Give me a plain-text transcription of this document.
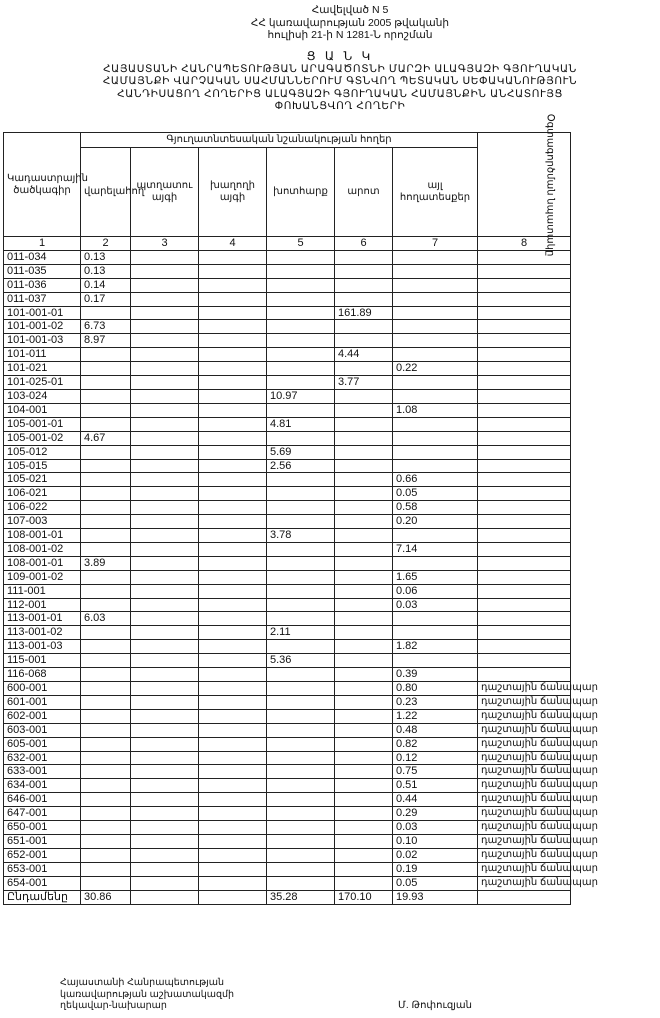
Հավելված N 5
ՀՀ կառավարության 2005 թվականի
հուլիսի 21-ի N 1281-Ն որոշման
Ց Ա Ն Կ
ՀԱՅԱՍՏԱՆԻ ՀԱՆՐԱՊԵՏՈՒԹՅԱՆ ԱՐԱԳԱԾՈՏՆԻ ՄԱՐԶԻ ԱԼԱԳՅԱԶԻ ԳՅՈՒՂԱԿԱՆ
ՀԱՄԱՅՆՔԻ ՎԱՐՉԱԿԱՆ ՍԱՀՄԱՆՆԵՐՈՒՄ ԳՏՆՎՈՂ ՊԵՏԱԿԱՆ ՍԵՓԱԿԱՆՈՒԹՅՈՒՆ
ՀԱՆԴԻՍԱՑՈՂ ՀՈՂԵՐԻՑ ԱԼԱԳՅԱԶԻ ԳՅՈՒՂԱԿԱՆ ՀԱՄԱՅՆՔԻՆ ԱՆՀԱՏՈՒՅՑ
ՓՈԽԱՆՑՎՈՂ ՀՈՂԵՐԻ
Կադաստրային ծածկագիր	Գյուղատնտեսական նշանակության հողեր						Օգտագործման նպատակը
	վարելահող	պտղատու այգի	խաղողի այգի	խոտհարք	արոտ	այլ հողատեսքեր	
1	2	3	4	5	6	7	8
011-034	0.13						
011-035	0.13						
011-036	0.14						
011-037	0.17						
101-001-01					161.89		
101-001-02	6.73						
101-001-03	8.97						
101-011					4.44		
101-021						0.22	
101-025-01					3.77		
103-024				10.97			
104-001						1.08	
105-001-01				4.81			
105-001-02	4.67						
105-012				5.69			
105-015				2.56			
105-021						0.66	
106-021						0.05	
106-022						0.58	
107-003						0.20	
108-001-01				3.78			
108-001-02						7.14	
108-001-01	3.89						
109-001-02						1.65	
111-001						0.06	
112-001						0.03	
113-001-01	6.03						
113-001-02				2.11			
113-001-03						1.82	
115-001				5.36			
116-068						0.39	
600-001						0.80	դաշտային ճանապար
601-001						0.23	դաշտային ճանապար
602-001						1.22	դաշտային ճանապար
603-001						0.48	դաշտային ճանապար
605-001						0.82	դաշտային ճանապար
632-001						0.12	դաշտային ճանապար
633-001						0.75	դաշտային ճանապար
634-001						0.51	դաշտային ճանապար
646-001						0.44	դաշտային ճանապար
647-001						0.29	դաշտային ճանապար
650-001						0.03	դաշտային ճանապար
651-001						0.10	դաշտային ճանապար
652-001						0.02	դաշտային ճանապար
653-001						0.19	դաշտային ճանապար
654-001						0.05	դաշտային ճանապար
Ընդամենը	30.86			35.28	170.10	19.93	
Հայաստանի Հանրապետության
կառավարության աշխատակազմի
ղեկավար-նախարար	Մ. Թոփուզյան
